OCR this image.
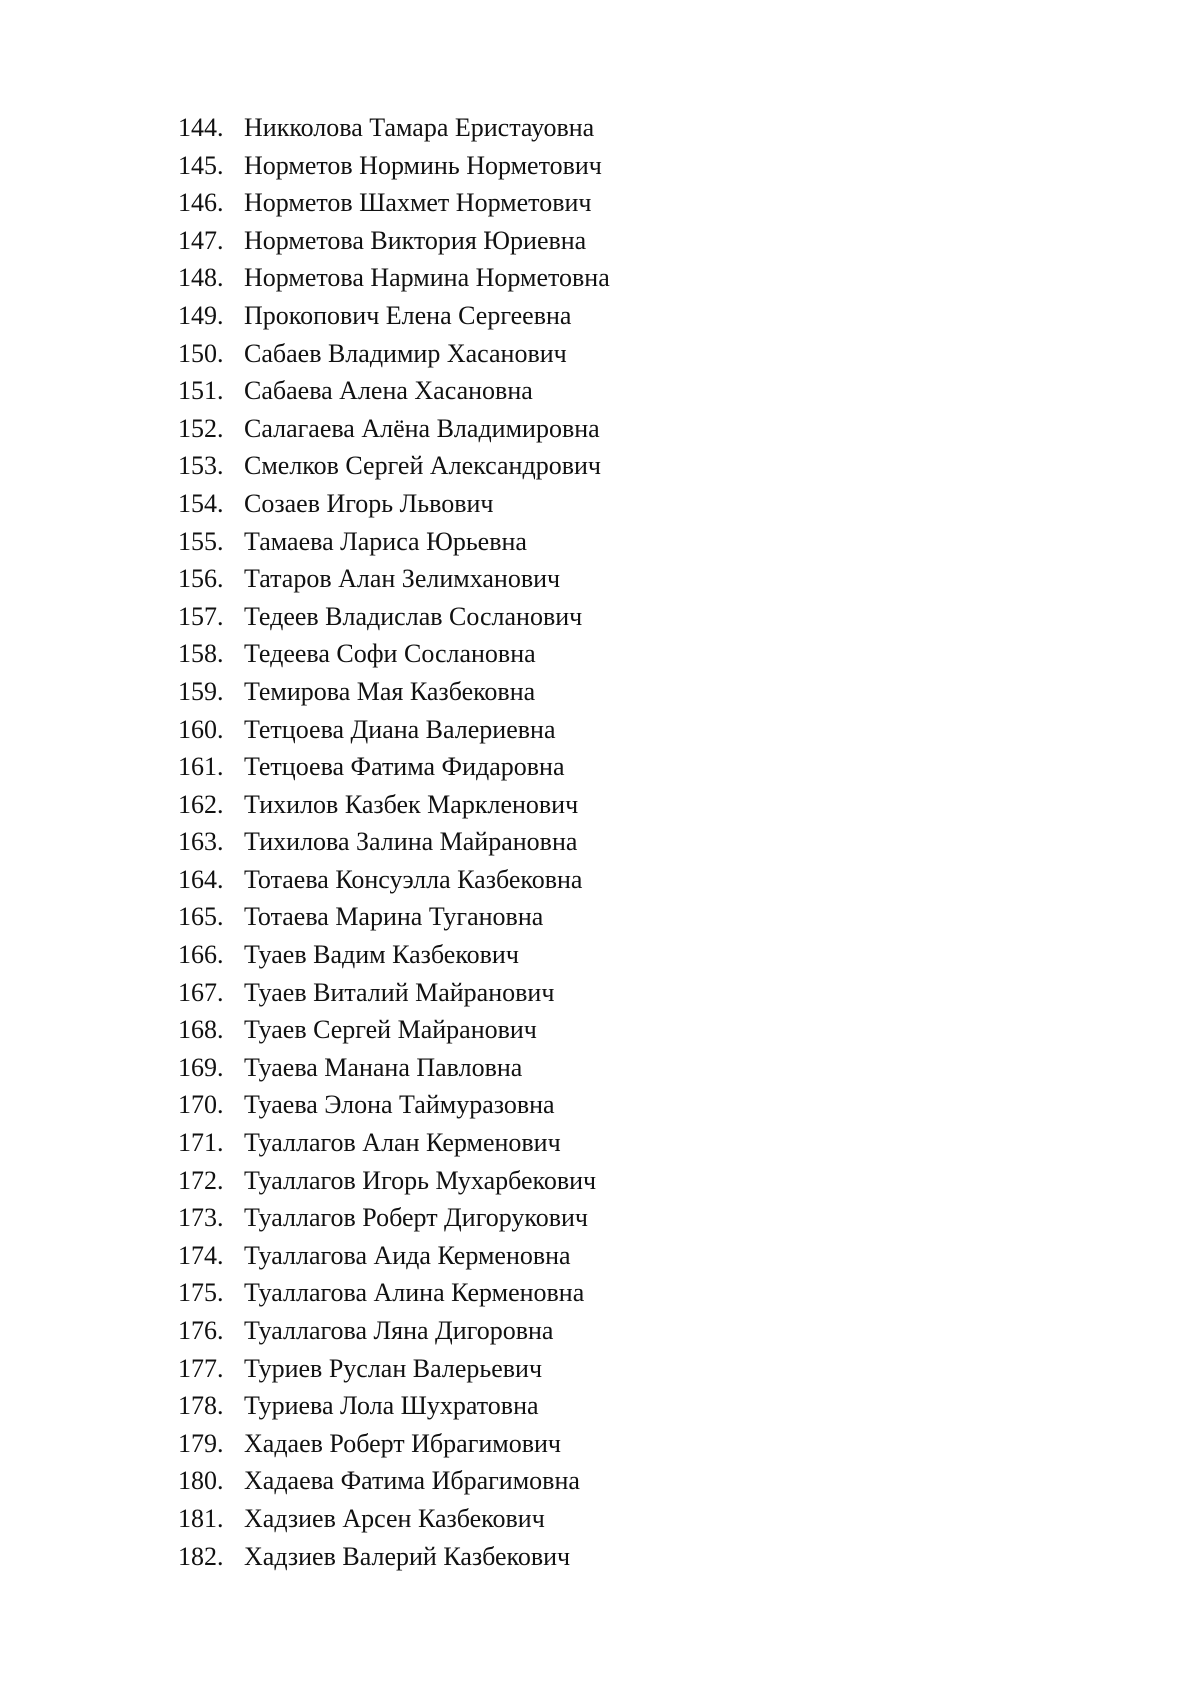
144. Никколова Тамара Еристауовна
145. Норметов Норминь Норметович
146. Норметов Шахмет Норметович
147. Норметова Виктория Юриевна
148. Норметова Нармина Норметовна
149. Прокопович Елена Сергеевна
150. Сабаев Владимир Хасанович
151. Сабаева Алена Хасановна
152. Салагаева Алёна Владимировна
153. Смелков Сергей Александрович
154. Созаев Игорь Львович
155. Тамаева Лариса Юрьевна
156. Татаров Алан Зелимханович
157. Тедеев Владислав Сосланович
158. Тедеева Софи Сослановна
159. Темирова Мая Казбековна
160. Тетцоева Диана Валериевна
161. Тетцоева Фатима Фидаровна
162. Тихилов Казбек Маркленович
163. Тихилова Залина Майрановна
164. Тотаева Консуэлла Казбековна
165. Тотаева Марина Тугановна
166. Туаев Вадим Казбекович
167. Туаев Виталий Майранович
168. Туаев Сергей Майранович
169. Туаева Манана Павловна
170. Туаева Элона Таймуразовна
171. Туаллагов Алан Керменович
172. Туаллагов Игорь Мухарбекович
173. Туаллагов Роберт Дигорукович
174. Туаллагова Аида Керменовна
175. Туаллагова Алина Керменовна
176. Туаллагова Ляна Дигоровна
177. Туриев Руслан Валерьевич
178. Туриева Лола Шухратовна
179. Хадаев Роберт Ибрагимович
180. Хадаева Фатима Ибрагимовна
181. Хадзиев Арсен Казбекович
182. Хадзиев Валерий Казбекович
